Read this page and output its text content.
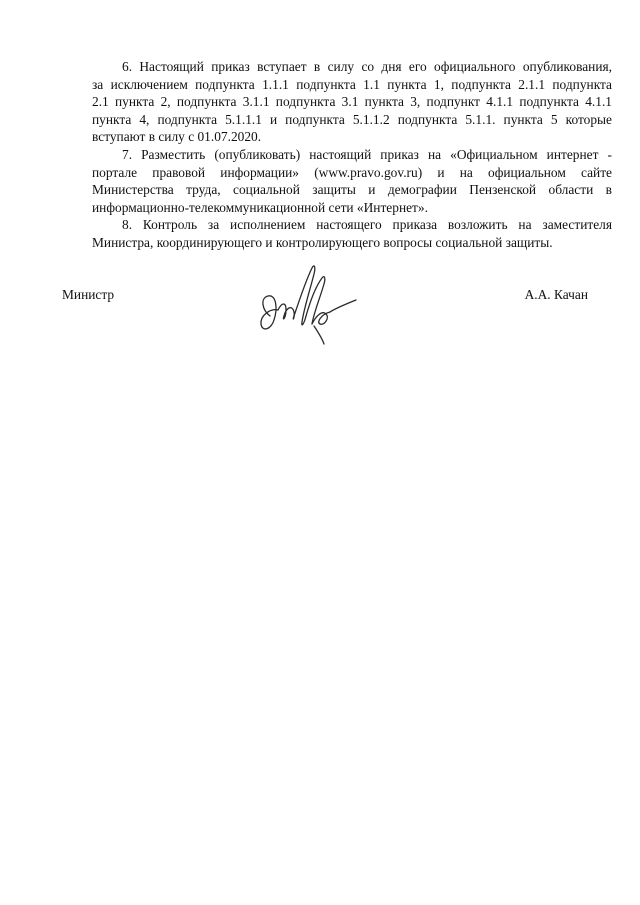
6. Настоящий приказ вступает в силу со дня его официального опубликования,
за исключением подпункта 1.1.1 подпункта 1.1 пункта 1, подпункта 2.1.1 подпункта
2.1 пункта 2, подпункта 3.1.1 подпункта 3.1 пункта 3, подпункт 4.1.1 подпункта 4.1.1
пункта 4, подпункта 5.1.1.1 и подпункта 5.1.1.2 подпункта 5.1.1. пункта 5 которые
вступают в силу с 01.07.2020.
7. Разместить (опубликовать) настоящий приказ на «Официальном интернет -
портале правовой информации» (www.pravo.gov.ru) и на официальном сайте
Министерства труда, социальной защиты и демографии Пензенской области в
информационно-телекоммуникационной сети «Интернет».
8. Контроль за исполнением настоящего приказа возложить на заместителя
Министра, координирующего и контролирующего вопросы социальной защиты.
Министр	А.А. Качан
